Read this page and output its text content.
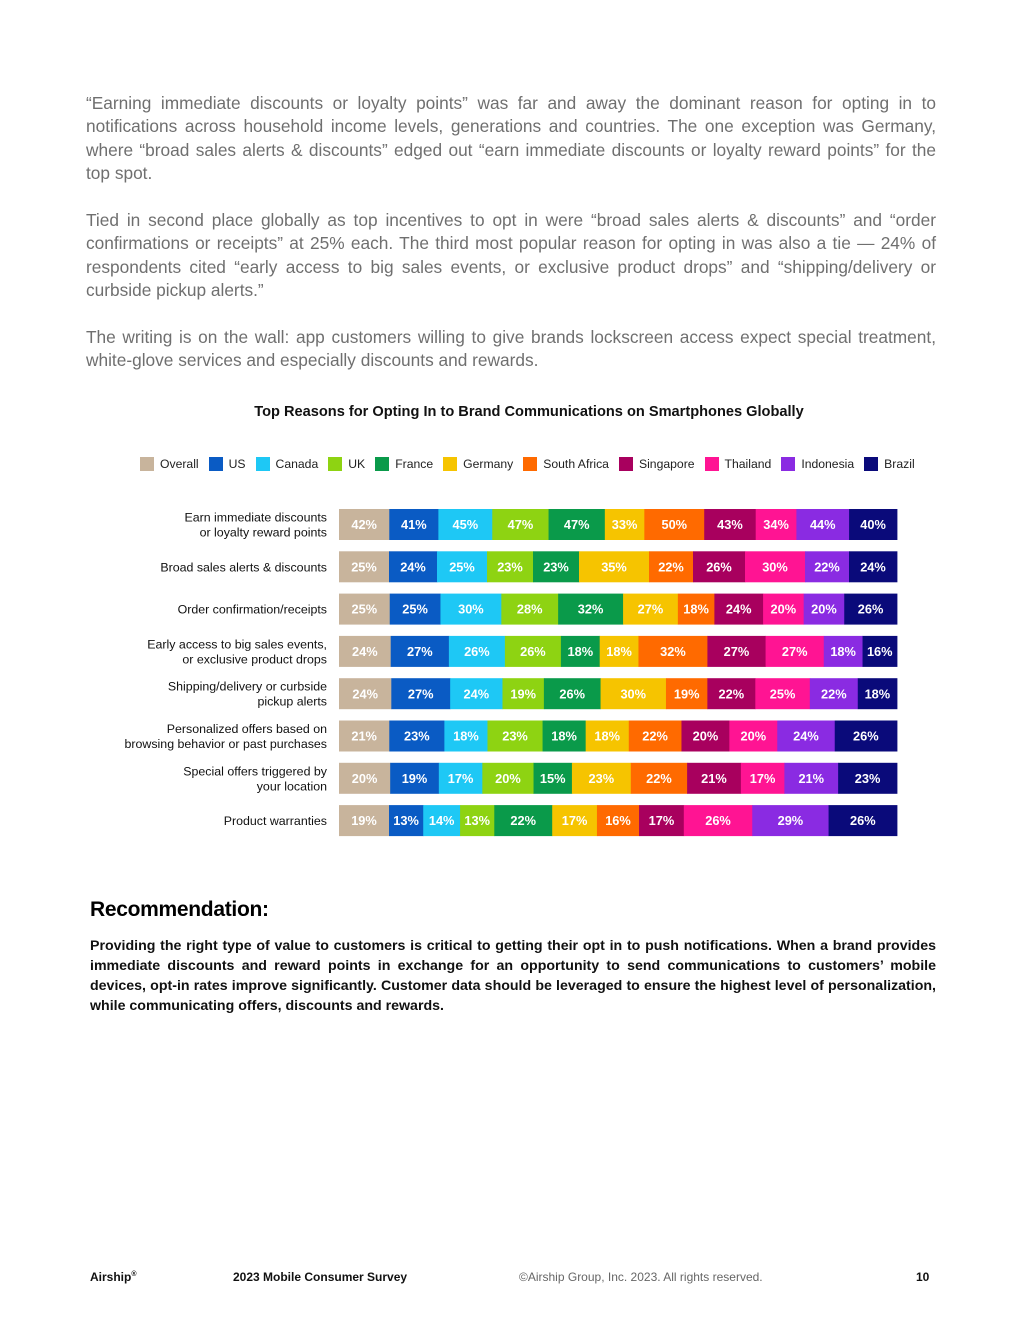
“Earning immediate discounts or loyalty points” was far and away the dominant reason for opting in to notifications across household income levels, generations and countries. The one exception was Germany, where “broad sales alerts & discounts” edged out “earn immediate discounts or loyalty reward points” for the top spot.

Tied in second place globally as top incentives to opt in were “broad sales alerts & discounts” and “order confirmations or receipts” at 25% each. The third most popular reason for opting in was also a tie — 24% of respondents cited “early access to big sales events, or exclusive product drops” and “shipping/delivery or curbside pickup alerts.”

The writing is on the wall: app customers willing to give brands lockscreen access expect special treatment, white-glove services and especially discounts and rewards.

Top Reasons for Opting In to Brand Communications on Smartphones Globally
Overall US Canada UK France Germany South Africa Singapore Thailand Indonesia Brazil
Earn immediate discounts or loyalty reward points
42% 41% 45% 47% 47% 33% 50% 43% 34% 44% 40%
Broad sales alerts & discounts 25% 24% 25% 23% 23%	35% 22% 26% 30% 22% 24%
Order confirmation/receipts 25% 25% 30%	28%	32%	27% 18% 24% 20% 20% 26%
Early access to big sales events, or exclusive product drops
24% 27% 26% 26% 18% 18% 32%	27%	27% 18% 16%
Shipping/delivery or curbside pickup alerts
24% 27% 24% 19% 26%	30% 19% 22% 25% 22% 18%
Personalized offers based on browsing behavior or past purchases
21% 23% 18% 23% 18% 18% 22% 20% 20% 24%	26%
Special offers triggered by your location
20% 19% 17% 20% 15% 23% 22% 21% 17% 21% 23%
Product warranties 19% 13% 14% 13% 22% 17% 16% 17% 26%	29%	26%
Recommendation:
Providing the right type of value to customers is critical to getting their opt in to push notifications. When a brand provides immediate discounts and reward points in exchange for an opportunity to send communications to customers’ mobile devices, opt-in rates improve significantly. Customer data should be leveraged to ensure the highest level of personalization, while communicating offers, discounts and rewards.
Airship®	2023 Mobile Consumer Survey	©Airship Group, Inc. 2023. All rights reserved.	10
